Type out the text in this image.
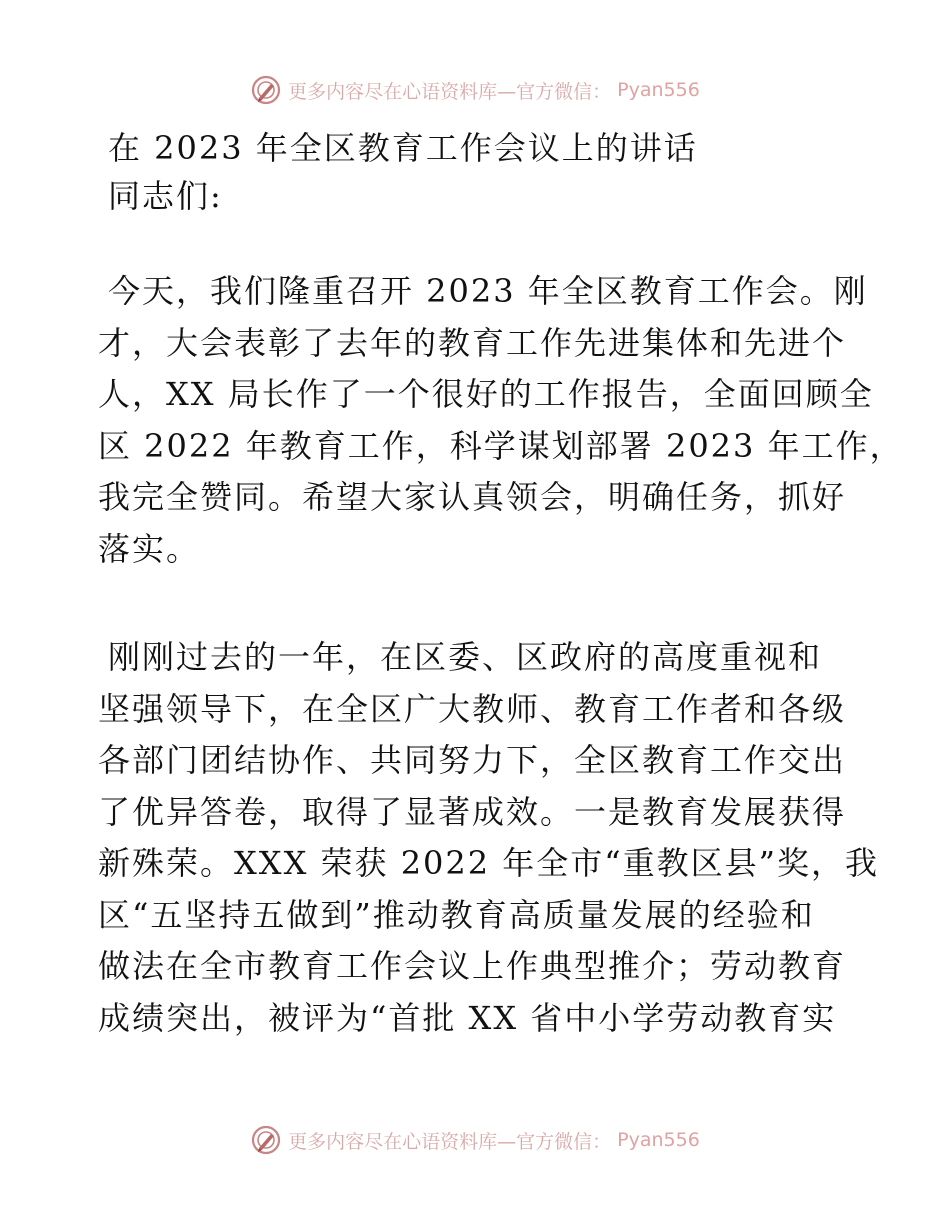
更多内容尽在心语资料库—官方微信： Pyan556
在 2023 年全区教育工作会议上的讲话

同志们:

今天，我们隆重召开 2023 年全区教育工作会。刚
才，大会表彰了去年的教育工作先进集体和先进个
人，XX 局长作了一个很好的工作报告，全面回顾全
区 2022 年教育工作，科学谋划部署 2023 年工作，
我完全赞同。希望大家认真领会，明确任务，抓好
落实。
刚刚过去的一年，在区委、区政府的高度重视和
坚强领导下，在全区广大教师、教育工作者和各级
各部门团结协作、共同努力下，全区教育工作交出
了优异答卷，取得了显著成效。一是教育发展获得
新殊荣。XXX 荣获 2022 年全市“重教区县”奖，我
区“五坚持五做到”推动教育高质量发展的经验和
做法在全市教育工作会议上作典型推介；劳动教育
成绩突出，被评为“首批 XX 省中小学劳动教育实
更多内容尽在心语资料库—官方微信： Pyan556
